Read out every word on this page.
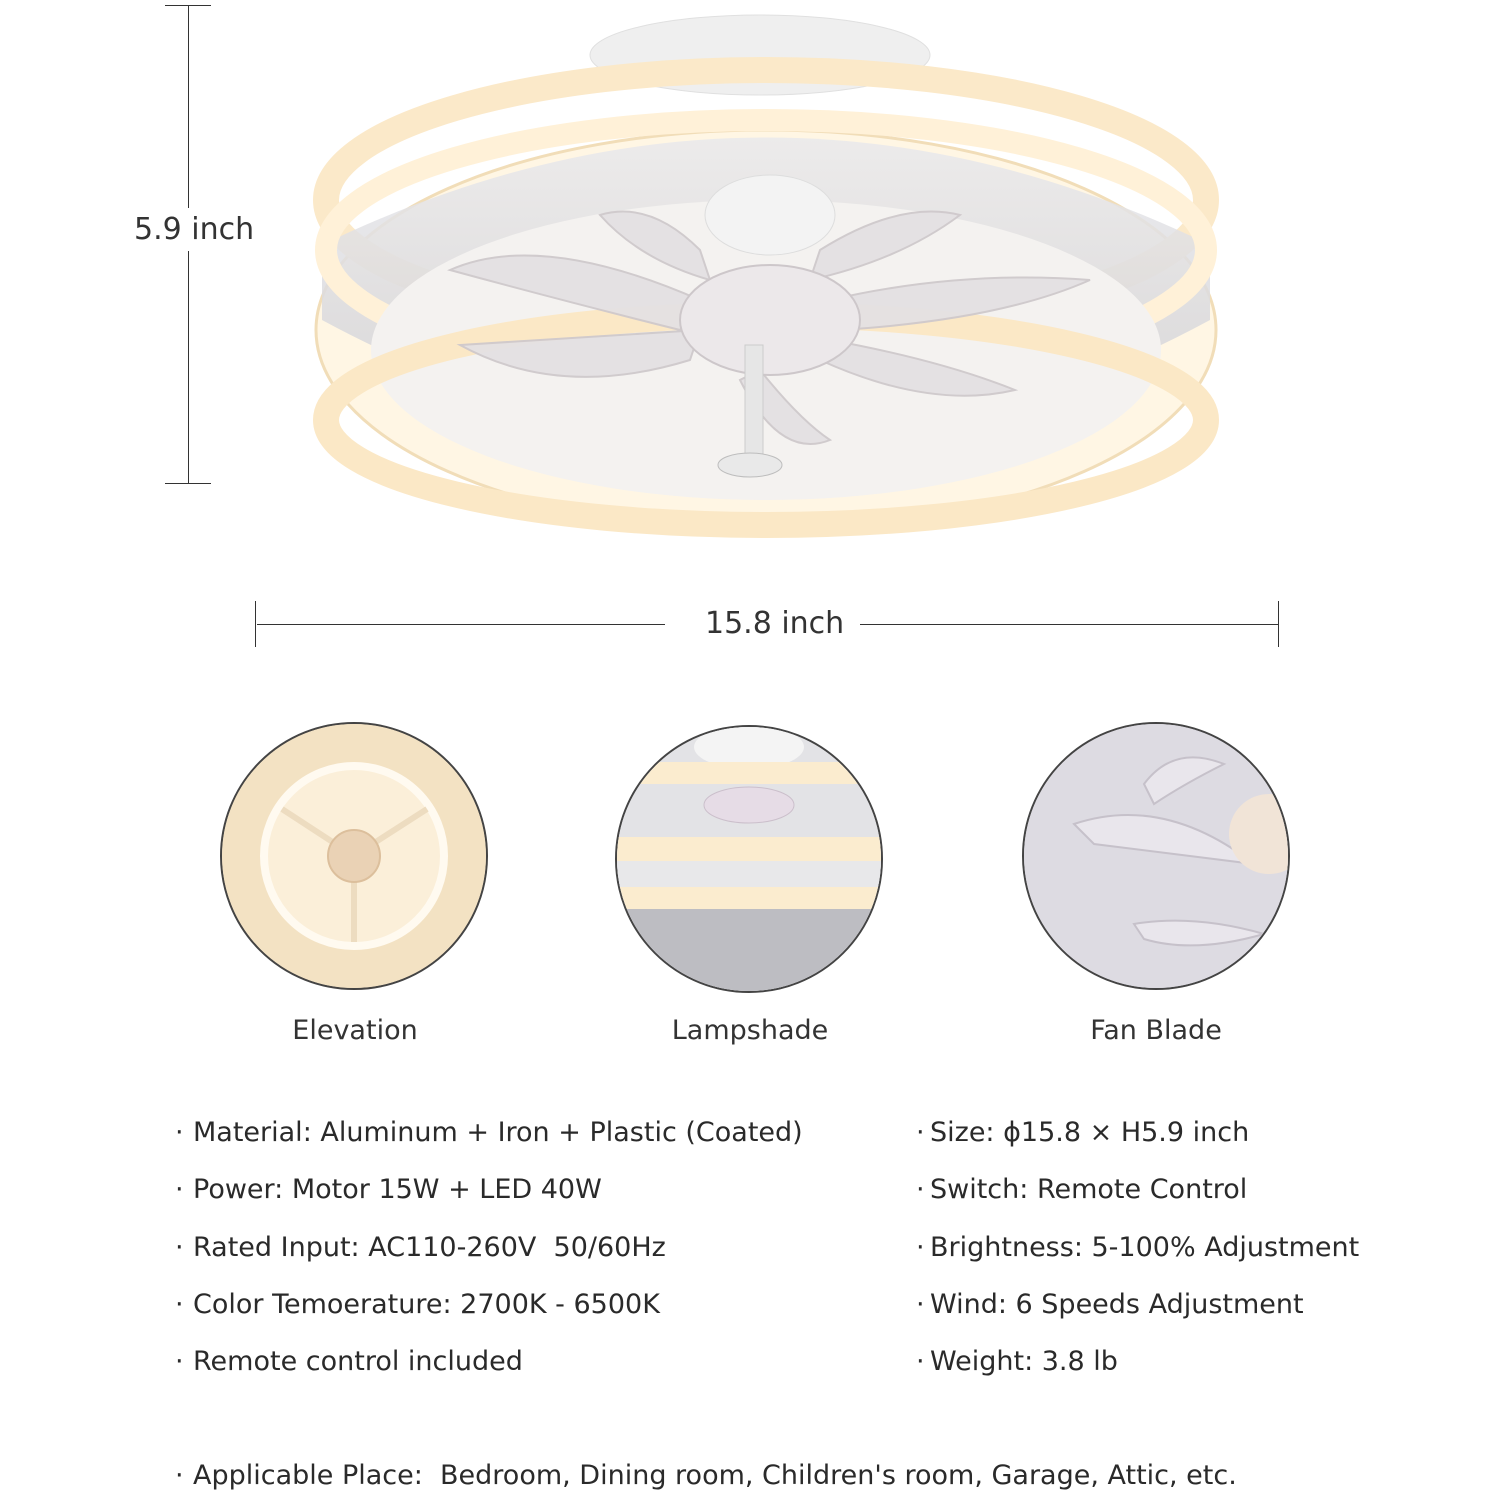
5.9 inch
15.8 inch
Elevation	Lampshade	Fan Blade
· Material: Aluminum + Iron + Plastic (Coated)
· Power: Motor 15W + LED 40W
· Rated Input: AC110-260V  50/60Hz
· Color Temoerature: 2700K - 6500K
· Remote control included
· Size: ϕ15.8 × H5.9 inch
· Switch: Remote Control
· Brightness: 5-100% Adjustment
· Wind: 6 Speeds Adjustment
· Weight: 3.8 lb
· Applicable Place:  Bedroom, Dining room, Children's room, Garage, Attic, etc.
